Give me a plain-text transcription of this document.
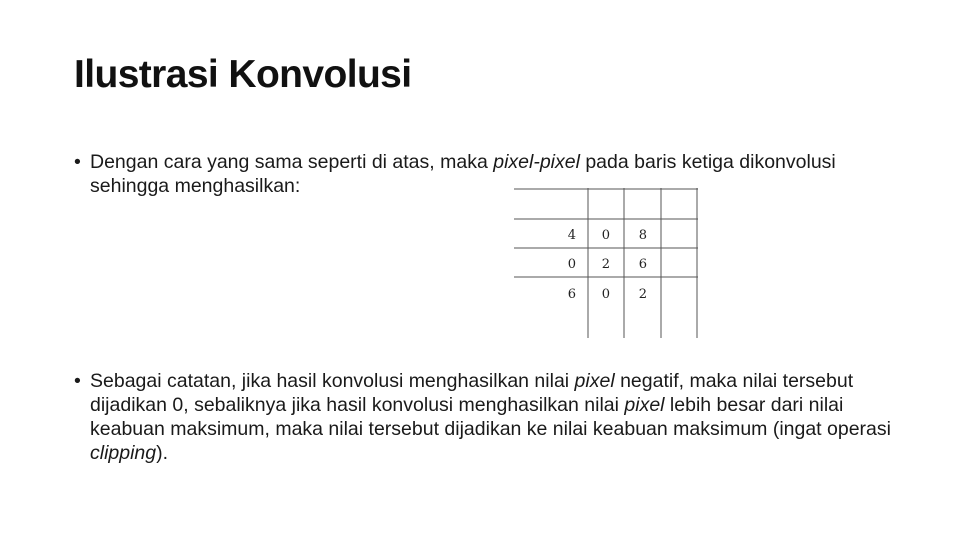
Ilustrasi Konvolusi

• Dengan cara yang sama seperti di atas, maka pixel-pixel pada baris ketiga dikonvolusi sehingga menghasilkan:

4 0 8
0 2 6
6 0 2

• Sebagai catatan, jika hasil konvolusi menghasilkan nilai pixel negatif, maka nilai tersebut dijadikan 0, sebaliknya jika hasil konvolusi menghasilkan nilai pixel lebih besar dari nilai keabuan maksimum, maka nilai tersebut dijadikan ke nilai keabuan maksimum (ingat operasi clipping).
